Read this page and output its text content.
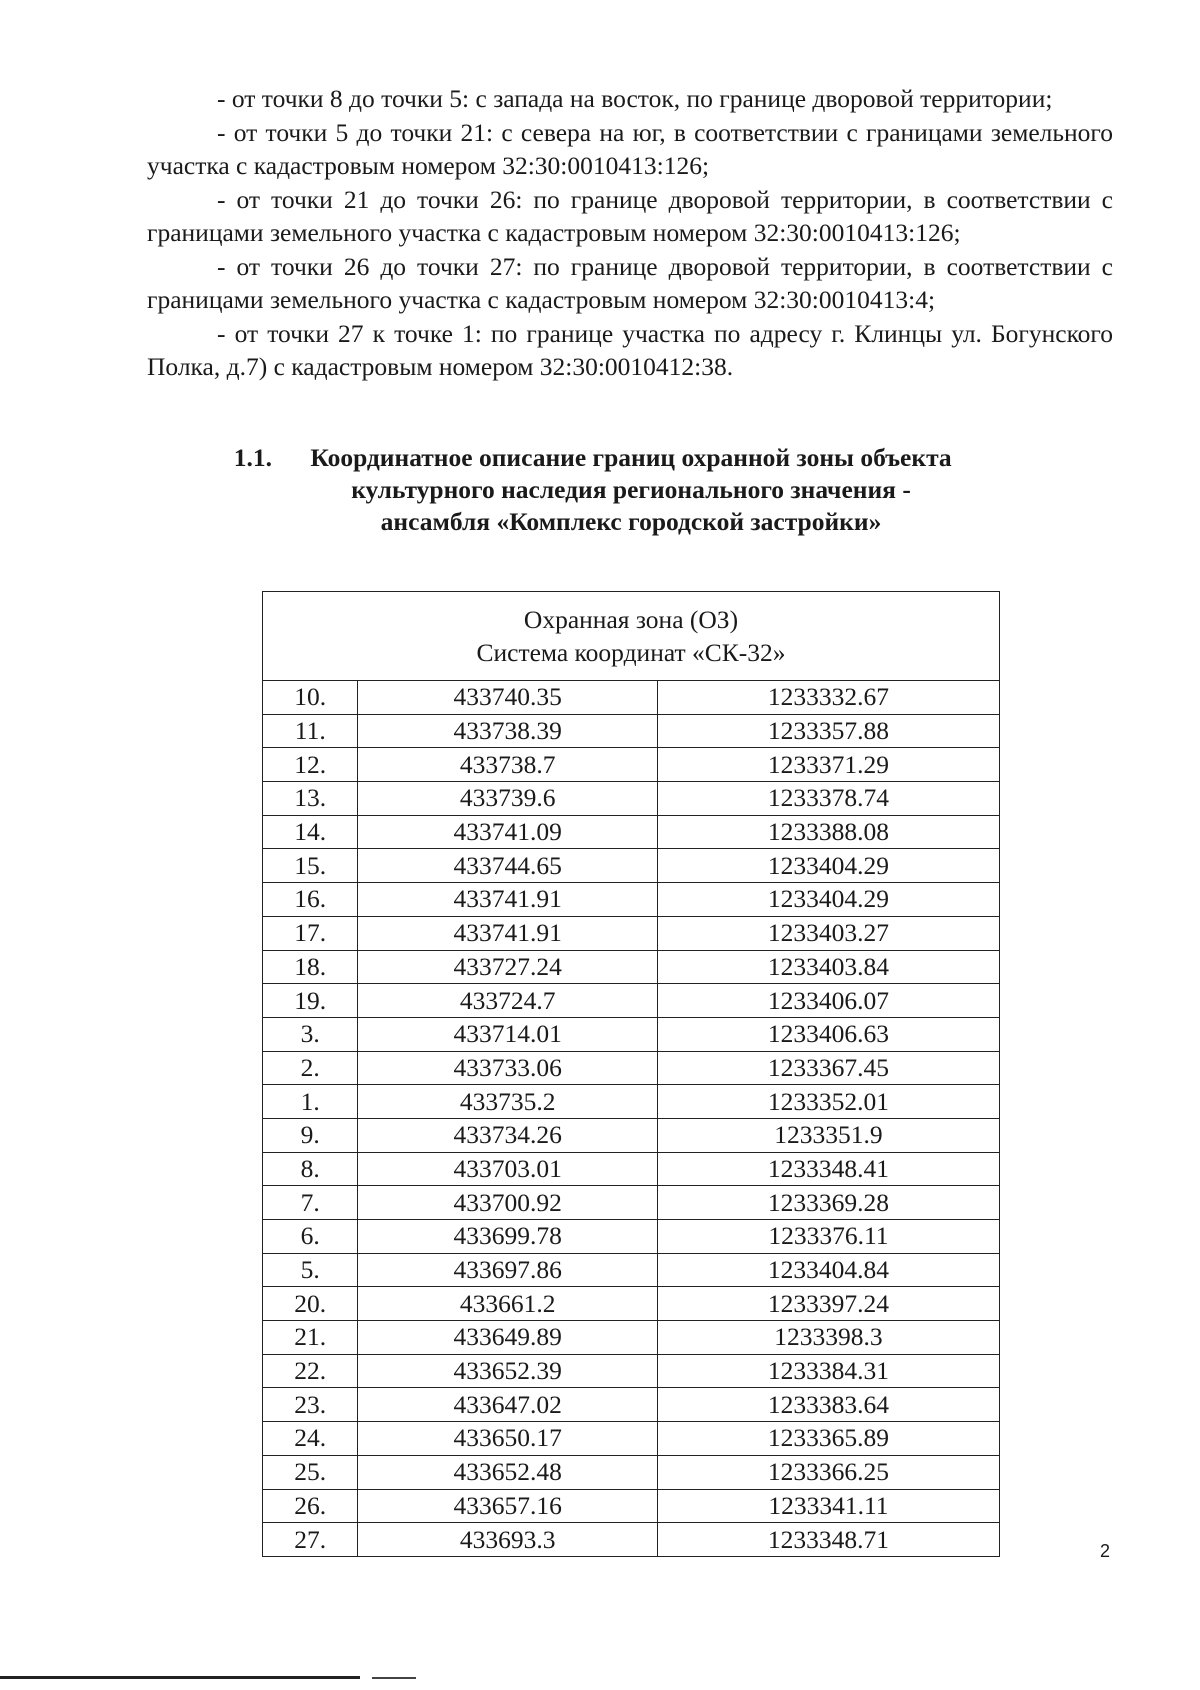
- от точки 8 до точки 5: с запада на восток, по границе дворовой территории;

- от точки 5 до точки 21: с севера на юг, в соответствии с границами земельного участка с кадастровым номером 32:30:0010413:126;

- от точки 21 до точки 26: по границе дворовой территории, в соответствии с границами земельного участка с кадастровым номером 32:30:0010413:126;

- от точки 26 до точки 27: по границе дворовой территории, в соответствии с границами земельного участка с кадастровым номером 32:30:0010413:4;

- от точки 27 к точке 1: по границе участка по адресу г. Клинцы ул. Богунского Полка, д.7) с кадастровым номером 32:30:0010412:38.

1.1.	Координатное описание границ охранной зоны объекта
культурного наследия регионального значения -
ансамбля «Комплекс городской застройки»
Охранная зона (ОЗ)
Система координат «СК-32»		

10.	433740.35	1233332.67
11.	433738.39	1233357.88
12.	433738.7	1233371.29
13.	433739.6	1233378.74
14.	433741.09	1233388.08
15.	433744.65	1233404.29
16.	433741.91	1233404.29
17.	433741.91	1233403.27
18.	433727.24	1233403.84
19.	433724.7	1233406.07
3.	433714.01	1233406.63
2.	433733.06	1233367.45
1.	433735.2	1233352.01
9.	433734.26	1233351.9
8.	433703.01	1233348.41
7.	433700.92	1233369.28
6.	433699.78	1233376.11
5.	433697.86	1233404.84
20.	433661.2	1233397.24
21.	433649.89	1233398.3
22.	433652.39	1233384.31
23.	433647.02	1233383.64
24.	433650.17	1233365.89
25.	433652.48	1233366.25
26.	433657.16	1233341.11
27.	433693.3	1233348.71	2
